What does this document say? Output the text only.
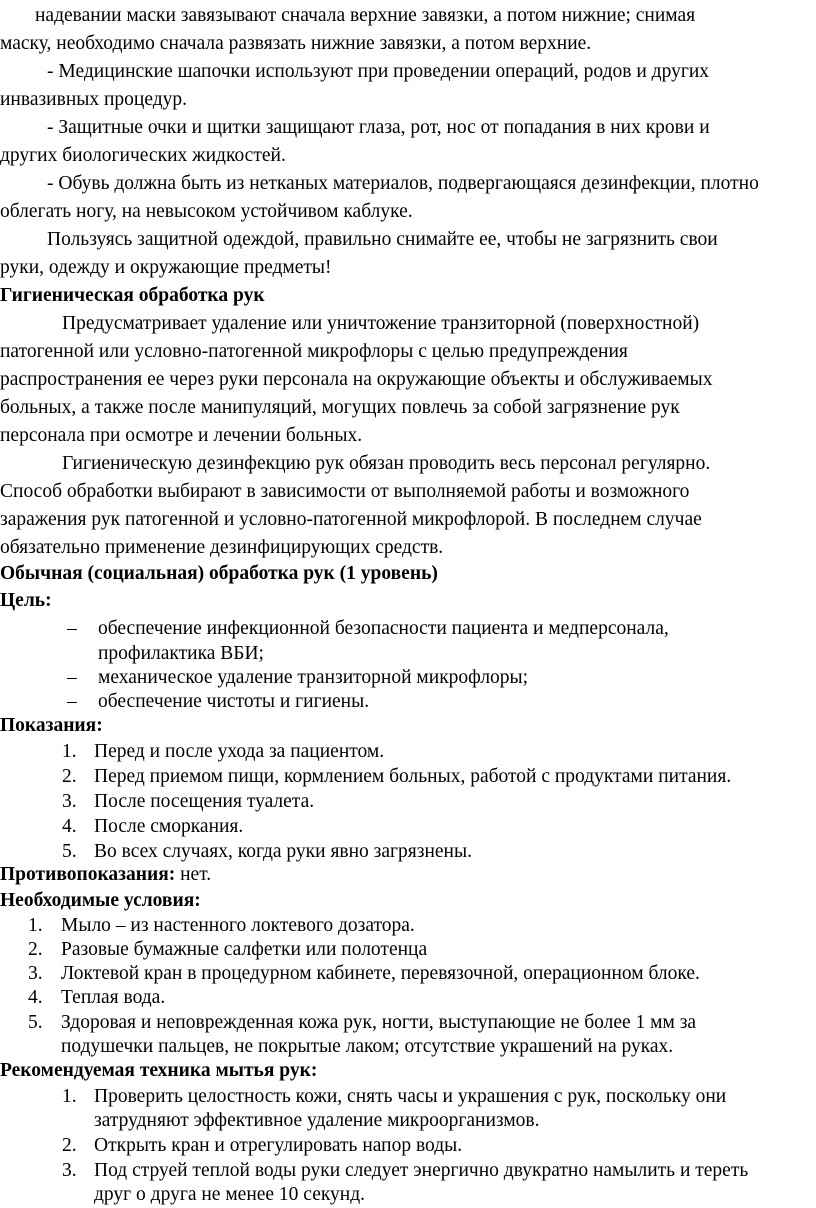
надевании маски завязывают сначала верхние завязки, а потом нижние; снимая
маску, необходимо сначала развязать нижние завязки, а потом верхние.
- Медицинские шапочки используют при проведении операций, родов и других
инвазивных процедур.
- Защитные очки и щитки защищают глаза, рот, нос от попадания в них крови и
других биологических жидкостей.
- Обувь должна быть из нетканых материалов, подвергающаяся дезинфекции, плотно
облегать ногу, на невысоком устойчивом каблуке.
Пользуясь защитной одеждой, правильно снимайте ее, чтобы не загрязнить свои
руки, одежду и окружающие предметы!
Гигиеническая обработка рук
Предусматривает удаление или уничтожение транзиторной (поверхностной)
патогенной или условно-патогенной микрофлоры с целью предупреждения
распространения ее через руки персонала на окружающие объекты и обслуживаемых
больных, а также после манипуляций, могущих повлечь за собой загрязнение рук
персонала при осмотре и лечении больных.
Гигиеническую дезинфекцию рук обязан проводить весь персонал регулярно.
Способ обработки выбирают в зависимости от выполняемой работы и возможного
заражения рук патогенной и условно-патогенной микрофлорой. В последнем случае
обязательно применение дезинфицирующих средств.
Обычная (социальная) обработка рук (1 уровень)
Цель:
– обеспечение инфекционной безопасности пациента и медперсонала,
профилактика ВБИ;
– механическое удаление транзиторной микрофлоры;
– обеспечение чистоты и гигиены.
Показания:
1. Перед и после ухода за пациентом.
2. Перед приемом пищи, кормлением больных, работой с продуктами питания.
3. После посещения туалета.
4. После сморкания.
5. Во всех случаях, когда руки явно загрязнены.
Противопоказания: нет.
Необходимые условия:
1. Мыло – из настенного локтевого дозатора.
2. Разовые бумажные салфетки или полотенца
3. Локтевой кран в процедурном кабинете, перевязочной, операционном блоке.
4. Теплая вода.
5. Здоровая и неповрежденная кожа рук, ногти, выступающие не более 1 мм за
подушечки пальцев, не покрытые лаком; отсутствие украшений на руках.
Рекомендуемая техника мытья рук:
1. Проверить целостность кожи, снять часы и украшения с рук, поскольку они
затрудняют эффективное удаление микроорганизмов.
2. Открыть кран и отрегулировать напор воды.
3. Под струей теплой воды руки следует энергично двукратно намылить и тереть
друг о друга не менее 10 секунд.
